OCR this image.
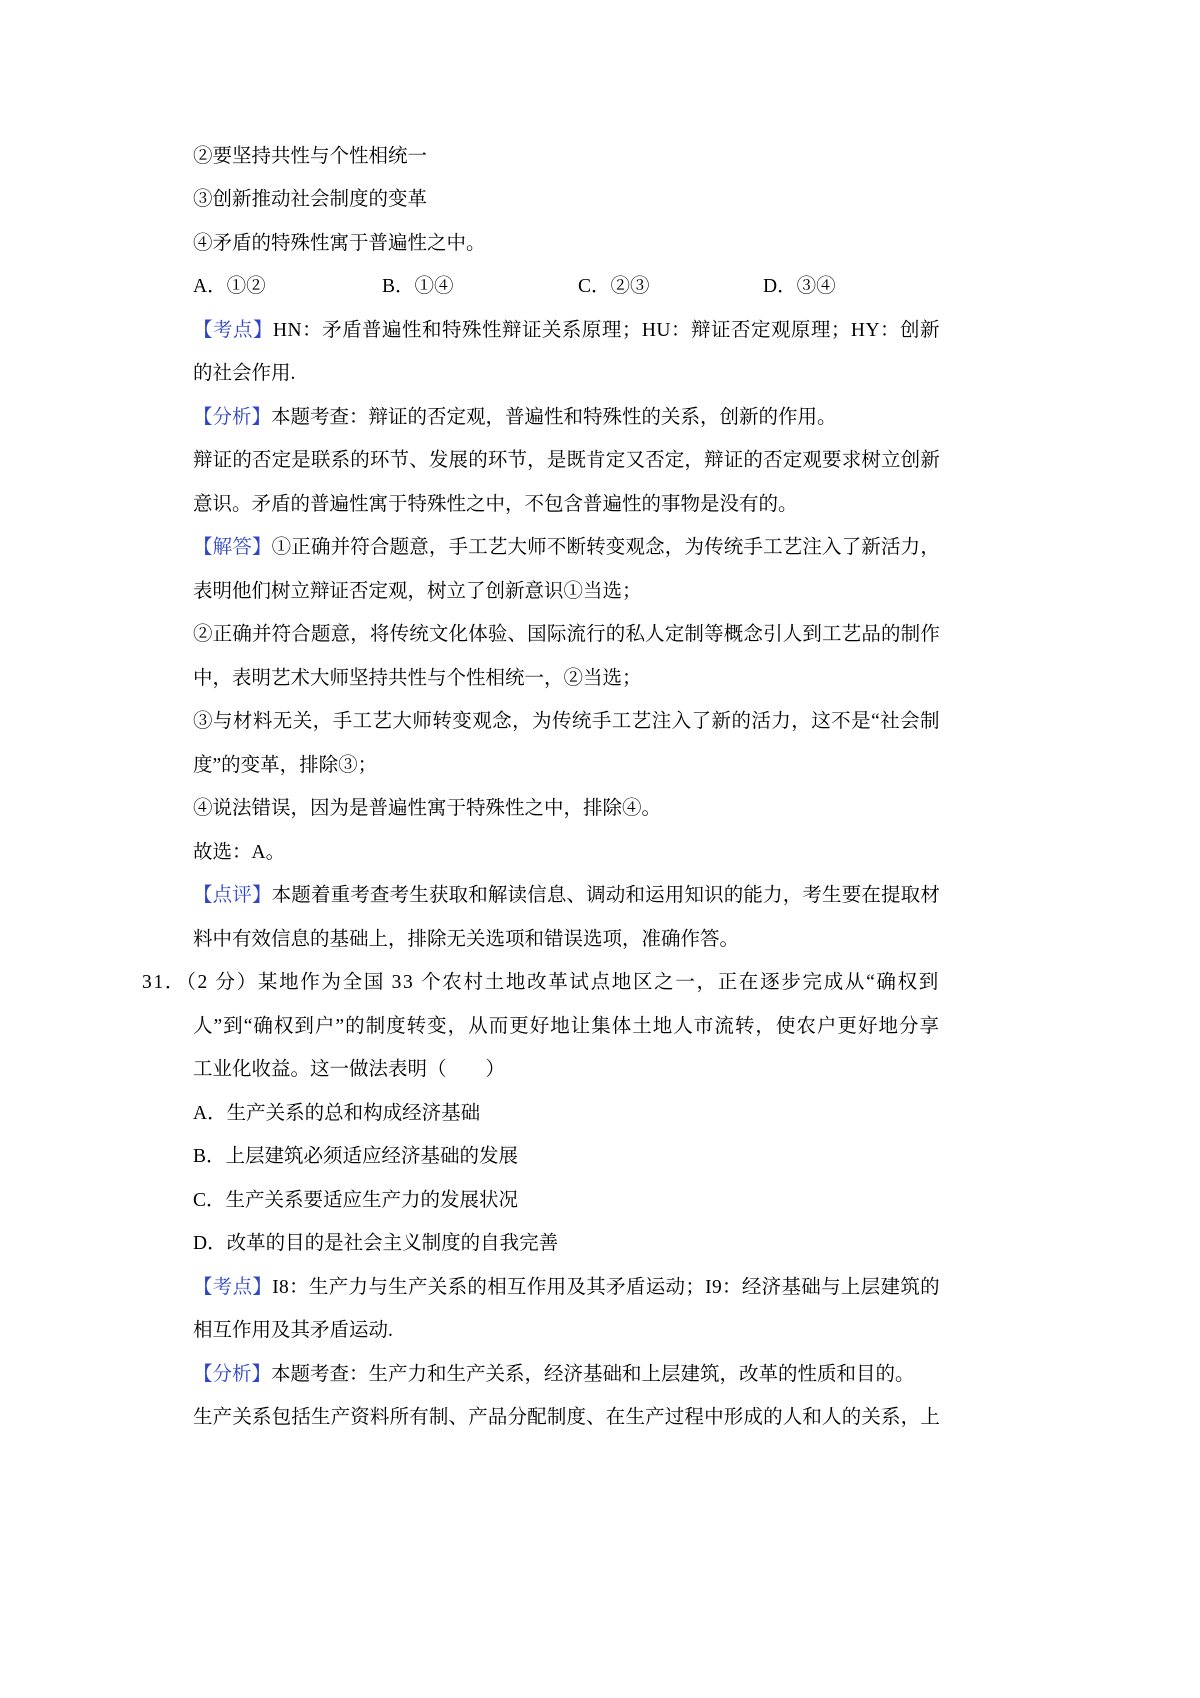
②要坚持共性与个性相统一
③创新推动社会制度的变革
④矛盾的特殊性寓于普遍性之中。
A．①②	B．①④	C．②③	D．③④
【考点】HN：矛盾普遍性和特殊性辩证关系原理；HU：辩证否定观原理；HY：创新
的社会作用.
【分析】本题考查：辩证的否定观，普遍性和特殊性的关系，创新的作用。
辩证的否定是联系的环节、发展的环节，是既肯定又否定，辩证的否定观要求树立创新
意识。矛盾的普遍性寓于特殊性之中，不包含普遍性的事物是没有的。
【解答】①正确并符合题意，手工艺大师不断转变观念，为传统手工艺注入了新活力，
表明他们树立辩证否定观，树立了创新意识①当选；
②正确并符合题意，将传统文化体验、国际流行的私人定制等概念引人到工艺品的制作
中，表明艺术大师坚持共性与个性相统一，②当选；
③与材料无关，手工艺大师转变观念，为传统手工艺注入了新的活力，这不是“社会制
度”的变革，排除③；
④说法错误，因为是普遍性寓于特殊性之中，排除④。
故选：A。
【点评】本题着重考查考生获取和解读信息、调动和运用知识的能力，考生要在提取材
料中有效信息的基础上，排除无关选项和错误选项，准确作答。
31．（2 分）某地作为全国 33 个农村土地改革试点地区之一，正在逐步完成从“确权到
人”到“确权到户”的制度转变，从而更好地让集体土地人市流转，使农户更好地分享
工业化收益。这一做法表明（　　）
A．生产关系的总和构成经济基础
B．上层建筑必须适应经济基础的发展
C．生产关系要适应生产力的发展状况
D．改革的目的是社会主义制度的自我完善
【考点】I8：生产力与生产关系的相互作用及其矛盾运动；I9：经济基础与上层建筑的
相互作用及其矛盾运动.
【分析】本题考查：生产力和生产关系，经济基础和上层建筑，改革的性质和目的。
生产关系包括生产资料所有制、产品分配制度、在生产过程中形成的人和人的关系，上
